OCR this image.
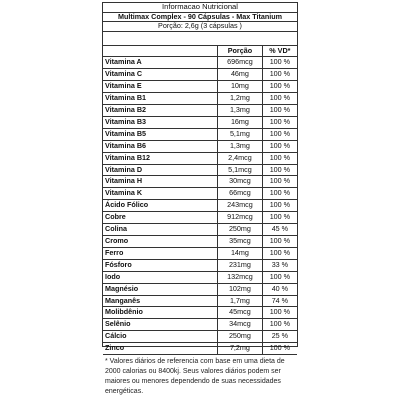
Informacao Nutricional
Multimax Complex - 90 Cápsulas - Max Titanium
Porção: 2,6g (3 cápsulas )
	Porção	% VD*
Vitamina A	696mcg	100 %
Vitamina C	46mg	100 %
Vitamina E	10mg	100 %
Vitamina B1	1,2mg	100 %
Vitamina B2	1,3mg	100 %
Vitamina B3	16mg	100 %
Vitamina B5	5,1mg	100 %
Vitamina B6	1,3mg	100 %
Vitamina B12	2,4mcg	100 %
Vitamina D	5,1mcg	100 %
Vitamina H	30mcg	100 %
Vitamina K	66mcg	100 %
Ácido Fólico	243mcg	100 %
Cobre	912mcg	100 %
Colina	250mg	45 %
Cromo	35mcg	100 %
Ferro	14mg	100 %
Fósforo	231mg	33 %
Iodo	132mcg	100 %
Magnésio	102mg	40 %
Manganês	1,7mg	74 %
Molibdênio	45mcg	100 %
Selênio	34mcg	100 %
Cálcio	250mg	25 %
Zinco	7,2mg	100 %
* Valores diários de referencia com base em uma dieta de 2000 calorias ou 8400kj. Seus valores diários podem ser maiores ou menores dependendo de suas necessidades energéticas.
